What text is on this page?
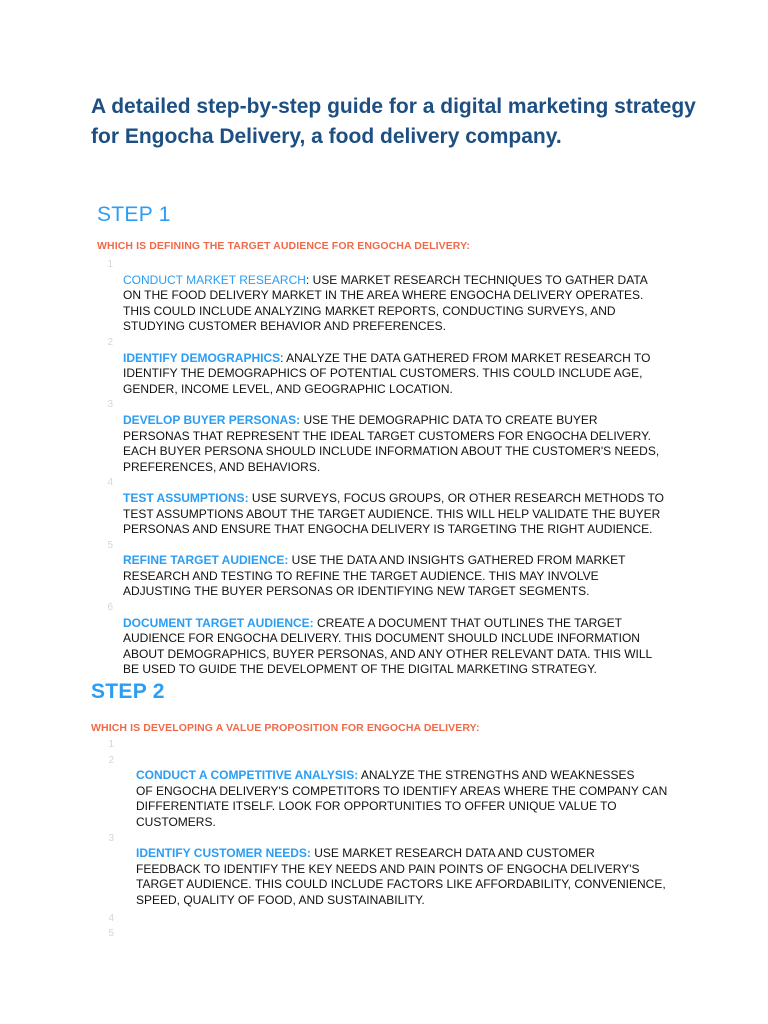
A detailed step-by-step guide for a digital marketing strategy for Engocha Delivery, a food delivery company.
STEP 1

WHICH IS DEFINING THE TARGET AUDIENCE FOR ENGOCHA DELIVERY:

1
CONDUCT MARKET RESEARCH: USE MARKET RESEARCH TECHNIQUES TO GATHER DATA
ON THE FOOD DELIVERY MARKET IN THE AREA WHERE ENGOCHA DELIVERY OPERATES.
THIS COULD INCLUDE ANALYZING MARKET REPORTS, CONDUCTING SURVEYS, AND
STUDYING CUSTOMER BEHAVIOR AND PREFERENCES.

2
IDENTIFY DEMOGRAPHICS: ANALYZE THE DATA GATHERED FROM MARKET RESEARCH TO
IDENTIFY THE DEMOGRAPHICS OF POTENTIAL CUSTOMERS. THIS COULD INCLUDE AGE,
GENDER, INCOME LEVEL, AND GEOGRAPHIC LOCATION.

3
DEVELOP BUYER PERSONAS: USE THE DEMOGRAPHIC DATA TO CREATE BUYER
PERSONAS THAT REPRESENT THE IDEAL TARGET CUSTOMERS FOR ENGOCHA DELIVERY.
EACH BUYER PERSONA SHOULD INCLUDE INFORMATION ABOUT THE CUSTOMER'S NEEDS,
PREFERENCES, AND BEHAVIORS.

4
TEST ASSUMPTIONS: USE SURVEYS, FOCUS GROUPS, OR OTHER RESEARCH METHODS TO
TEST ASSUMPTIONS ABOUT THE TARGET AUDIENCE. THIS WILL HELP VALIDATE THE BUYER
PERSONAS AND ENSURE THAT ENGOCHA DELIVERY IS TARGETING THE RIGHT AUDIENCE.

5
REFINE TARGET AUDIENCE: USE THE DATA AND INSIGHTS GATHERED FROM MARKET
RESEARCH AND TESTING TO REFINE THE TARGET AUDIENCE. THIS MAY INVOLVE
ADJUSTING THE BUYER PERSONAS OR IDENTIFYING NEW TARGET SEGMENTS.

6
DOCUMENT TARGET AUDIENCE: CREATE A DOCUMENT THAT OUTLINES THE TARGET
AUDIENCE FOR ENGOCHA DELIVERY. THIS DOCUMENT SHOULD INCLUDE INFORMATION
ABOUT DEMOGRAPHICS, BUYER PERSONAS, AND ANY OTHER RELEVANT DATA. THIS WILL
BE USED TO GUIDE THE DEVELOPMENT OF THE DIGITAL MARKETING STRATEGY.

STEP 2

WHICH IS DEVELOPING A VALUE PROPOSITION FOR ENGOCHA DELIVERY:

1

2
CONDUCT A COMPETITIVE ANALYSIS: ANALYZE THE STRENGTHS AND WEAKNESSES
OF ENGOCHA DELIVERY'S COMPETITORS TO IDENTIFY AREAS WHERE THE COMPANY CAN
DIFFERENTIATE ITSELF. LOOK FOR OPPORTUNITIES TO OFFER UNIQUE VALUE TO
CUSTOMERS.

3
IDENTIFY CUSTOMER NEEDS: USE MARKET RESEARCH DATA AND CUSTOMER
FEEDBACK TO IDENTIFY THE KEY NEEDS AND PAIN POINTS OF ENGOCHA DELIVERY'S
TARGET AUDIENCE. THIS COULD INCLUDE FACTORS LIKE AFFORDABILITY, CONVENIENCE,
SPEED, QUALITY OF FOOD, AND SUSTAINABILITY.

4

5
